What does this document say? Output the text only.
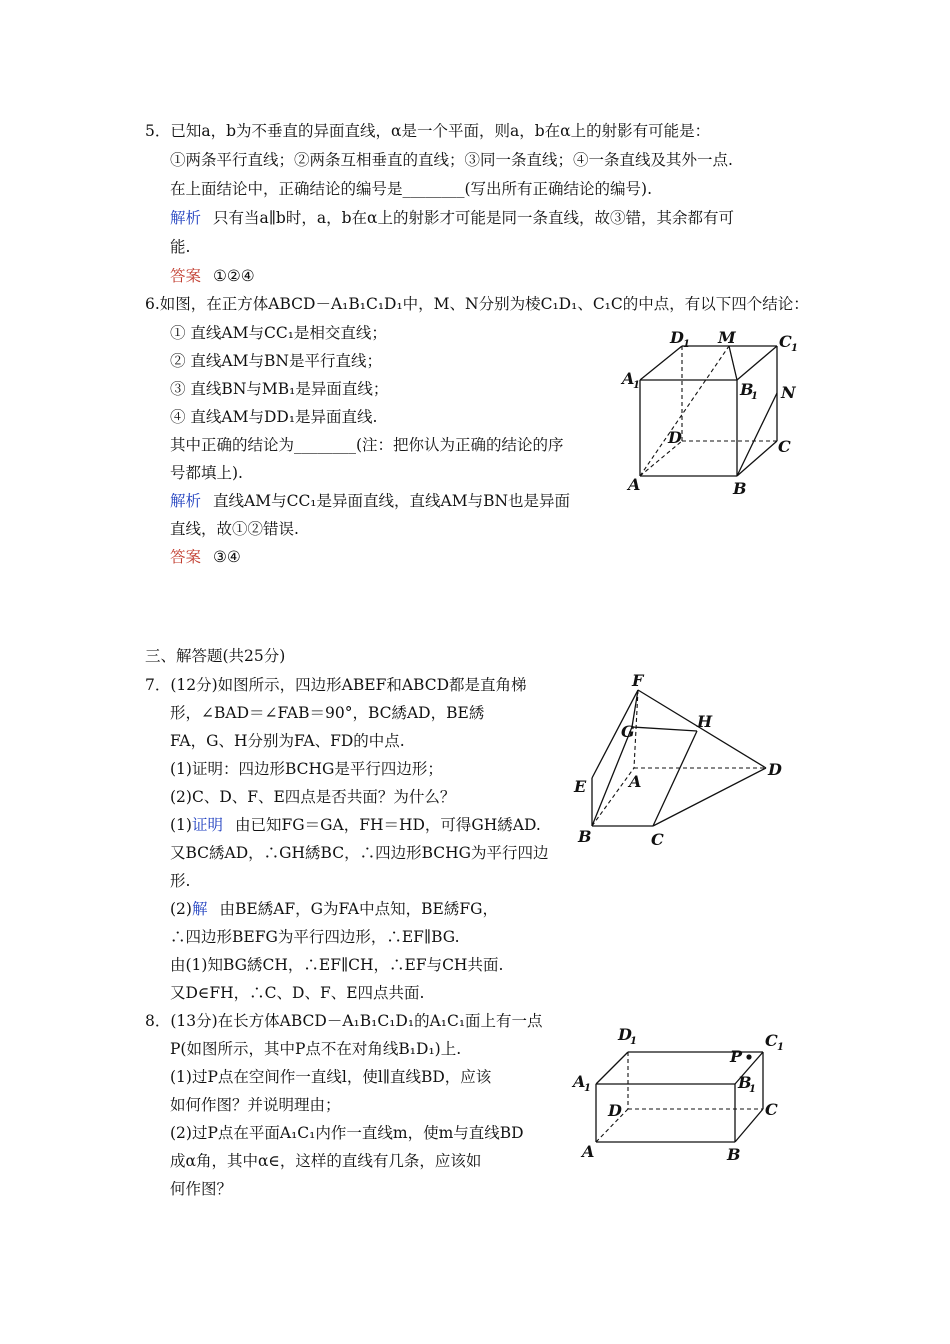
5．已知a，b为不垂直的异面直线，α是一个平面，则a，b在α上的射影有可能是：
①两条平行直线；②两条互相垂直的直线；③同一条直线；④一条直线及其外一点.
在上面结论中，正确结论的编号是________(写出所有正确结论的编号).
解析 只有当a∥b时，a，b在α上的射影才可能是同一条直线，故③错，其余都有可
能.
答案 ①②④
6.如图，在正方体ABCD－A₁B₁C₁D₁中，M、N分别为棱C₁D₁、C₁C的中点，有以下四个结论：
① 直线AM与CC₁是相交直线；
② 直线AM与BN是平行直线；
③ 直线BN与MB₁是异面直线；
④ 直线AM与DD₁是异面直线.
其中正确的结论为________(注：把你认为正确的结论的序
号都填上).
解析 直线AM与CC₁是异面直线，直线AM与BN也是异面
直线，故①②错误.
答案 ③④
D 1 M	C 1
A
1	B
1 N
D	C
A	B
F
G
H
E	A
D
B	C
D
1
P
C 1
A
1	B
1
D	C
A	B
三、解答题(共25分)
7．(12分)如图所示，四边形ABEF和ABCD都是直角梯
形，∠BAD＝∠FAB＝90°，BC綉AD，BE綉
FA，G、H分别为FA、FD的中点.
(1)证明：四边形BCHG是平行四边形；
(2)C、D、F、E四点是否共面？为什么？
(1)证明 由已知FG＝GA，FH＝HD，可得GH綉AD.
又BC綉AD，∴GH綉BC，∴四边形BCHG为平行四边
形.
(2)解 由BE綉AF，G为FA中点知，BE綉FG，
∴四边形BEFG为平行四边形，∴EF∥BG.
由(1)知BG綉CH，∴EF∥CH，∴EF与CH共面.
又D∈FH，∴C、D、F、E四点共面.
8．(13分)在长方体ABCD－A₁B₁C₁D₁的A₁C₁面上有一点
P(如图所示，其中P点不在对角线B₁D₁)上.
(1)过P点在空间作一直线l，使l∥直线BD，应该
如何作图？并说明理由；
(2)过P点在平面A₁C₁内作一直线m，使m与直线BD
成α角，其中α∈，这样的直线有几条，应该如
何作图？
